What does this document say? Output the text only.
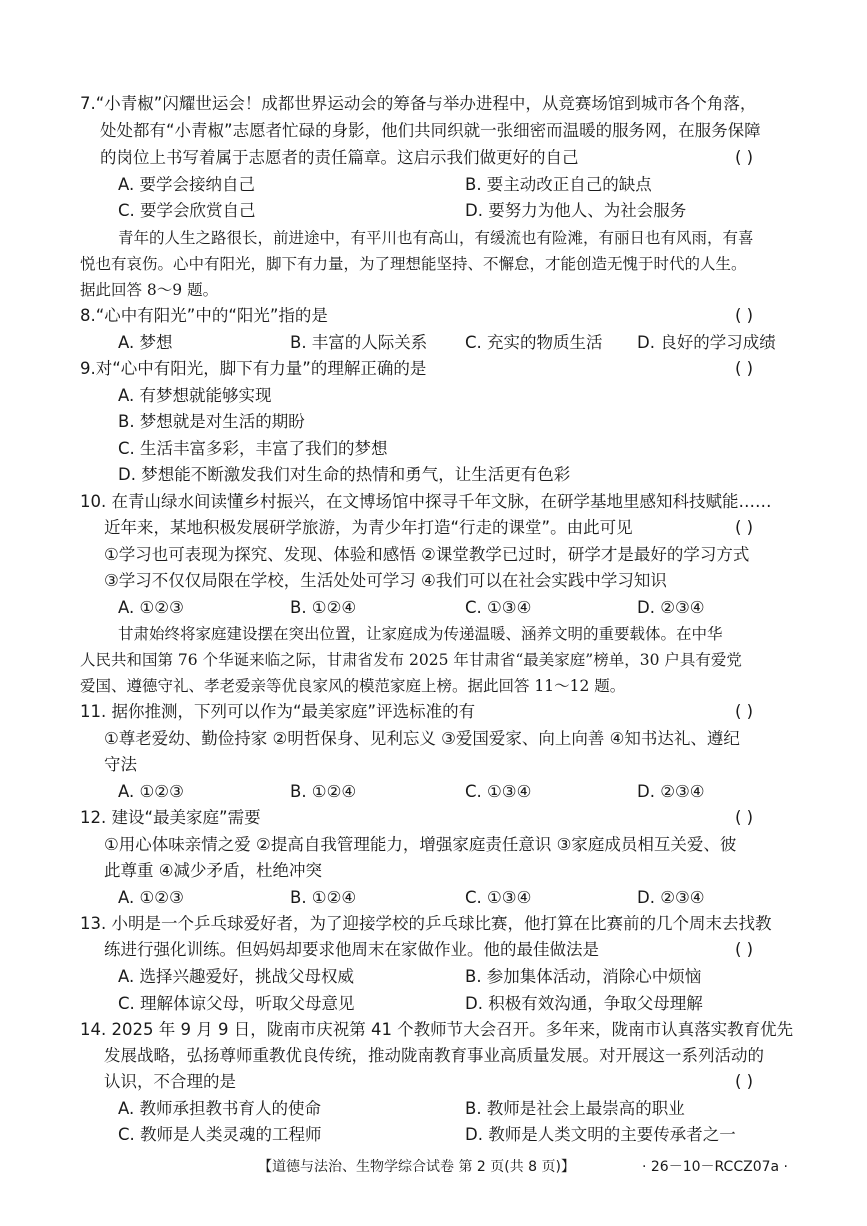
7.“小青椒”闪耀世运会！成都世界运动会的筹备与举办进程中，从竞赛场馆到城市各个角落，
处处都有“小青椒”志愿者忙碌的身影，他们共同织就一张细密而温暖的服务网，在服务保障
的岗位上书写着属于志愿者的责任篇章。这启示我们做更好的自己	( )
A. 要学会接纳自己	B. 要主动改正自己的缺点
C. 要学会欣赏自己	D. 要努力为他人、为社会服务
青年的人生之路很长，前进途中，有平川也有高山，有缓流也有险滩，有丽日也有风雨，有喜
悦也有哀伤。心中有阳光，脚下有力量，为了理想能坚持、不懈怠，才能创造无愧于时代的人生。
据此回答 8～9 题。
8.“心中有阳光”中的“阳光”指的是	( )
A. 梦想	B. 丰富的人际关系 C. 充实的物质生活 D. 良好的学习成绩
9.对“心中有阳光，脚下有力量”的理解正确的是	( )
A. 有梦想就能够实现
B. 梦想就是对生活的期盼
C. 生活丰富多彩，丰富了我们的梦想
D. 梦想能不断激发我们对生命的热情和勇气，让生活更有色彩
10. 在青山绿水间读懂乡村振兴，在文博场馆中探寻千年文脉，在研学基地里感知科技赋能……
近年来，某地积极发展研学旅游，为青少年打造“行走的课堂”。由此可见	( )
①学习也可表现为探究、发现、体验和感悟 ②课堂教学已过时，研学才是最好的学习方式
③学习不仅仅局限在学校，生活处处可学习 ④我们可以在社会实践中学习知识
A. ①②③	B. ①②④	C. ①③④	D. ②③④
甘肃始终将家庭建设摆在突出位置，让家庭成为传递温暖、涵养文明的重要载体。在中华
人民共和国第 76 个华诞来临之际，甘肃省发布 2025 年甘肃省“最美家庭”榜单，30 户具有爱党
爱国、遵德守礼、孝老爱亲等优良家风的模范家庭上榜。据此回答 11～12 题。
11. 据你推测，下列可以作为“最美家庭”评选标准的有	( )
①尊老爱幼、勤俭持家 ②明哲保身、见利忘义 ③爱国爱家、向上向善 ④知书达礼、遵纪
守法
A. ①②③	B. ①②④	C. ①③④	D. ②③④
12. 建设“最美家庭”需要	( )
①用心体味亲情之爱 ②提高自我管理能力，增强家庭责任意识 ③家庭成员相互关爱、彼
此尊重 ④减少矛盾，杜绝冲突
A. ①②③	B. ①②④	C. ①③④	D. ②③④
13. 小明是一个乒乓球爱好者，为了迎接学校的乒乓球比赛，他打算在比赛前的几个周末去找教
练进行强化训练。但妈妈却要求他周末在家做作业。他的最佳做法是	( )
A. 选择兴趣爱好，挑战父母权威	B. 参加集体活动，消除心中烦恼
C. 理解体谅父母，听取父母意见	D. 积极有效沟通，争取父母理解
14. 2025 年 9 月 9 日，陇南市庆祝第 41 个教师节大会召开。多年来，陇南市认真落实教育优先
发展战略，弘扬尊师重教优良传统，推动陇南教育事业高质量发展。对开展这一系列活动的
认识，不合理的是	( )
A. 教师承担教书育人的使命	B. 教师是社会上最崇高的职业
C. 教师是人类灵魂的工程师	D. 教师是人类文明的主要传承者之一
【道德与法治、生物学综合试卷 第 2 页(共 8 页)】	· 26－10－RCCZ07a ·
